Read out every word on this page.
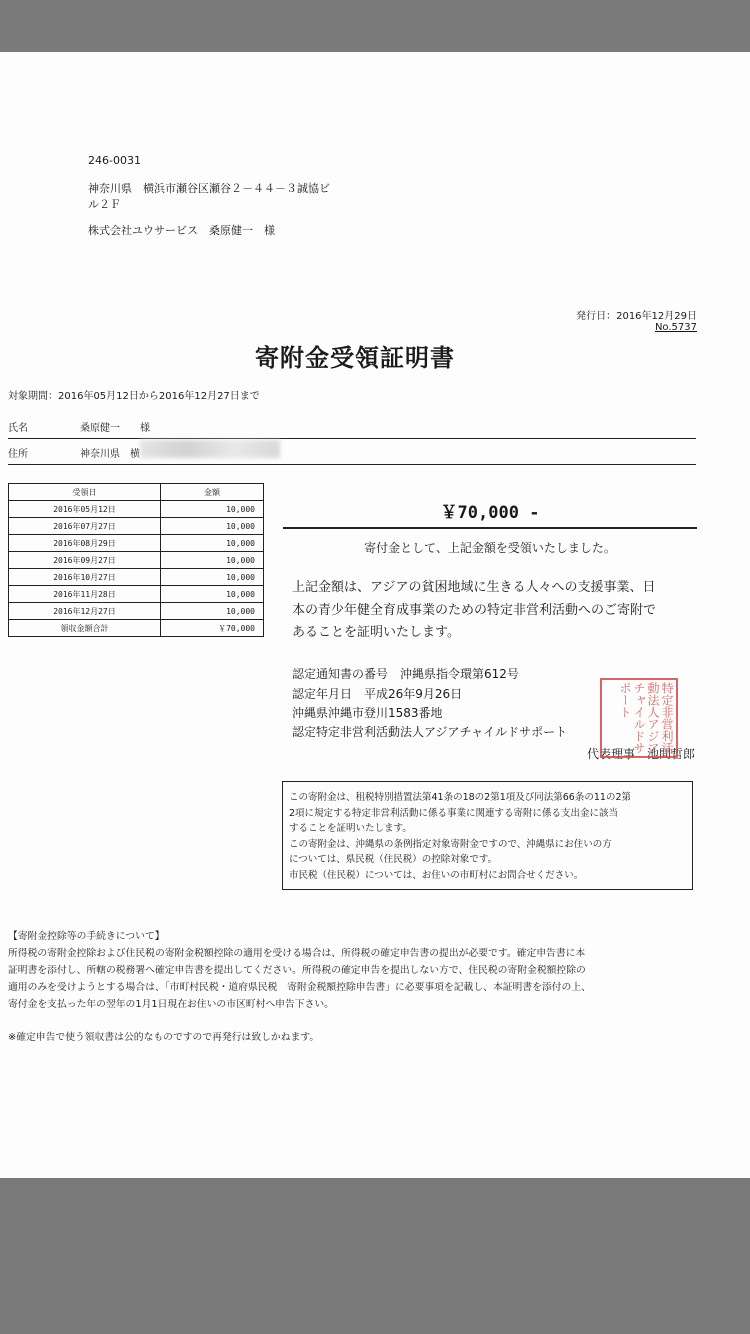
246-0031
神奈川県　横浜市瀬谷区瀬谷２－４４－３誠協ビ
ル２Ｆ
株式会社ユウサービス　桑原健一　様
発行日：2016年12月29日
No.5737
寄附金受領証明書
対象期間：2016年05月12日から2016年12月27日まで
氏名	桑原健一　　様
住所	神奈川県　横
受領日	金額
2016年05月12日	10,000
2016年07月27日	10,000
2016年08月29日	10,000
2016年09月27日	10,000
2016年10月27日	10,000
2016年11月28日	10,000
2016年12月27日	10,000
領収金額合計	￥70,000
￥70,000 -
寄付金として、上記金額を受領いたしました。
上記金額は、アジアの貧困地域に生きる人々への支援事業、日
本の青少年健全育成事業のための特定非営利活動へのご寄附で
あることを証明いたします。
認定通知書の番号　沖縄県指令環第612号
認定年月日　平成26年9月26日
沖縄県沖縄市登川1583番地
認定特定非営利活動法人アジアチャイルドサポート
代表理事　池間哲郎
特定非営利活動法人アジアチャイルドサポート
この寄附金は、租税特別措置法第41条の18の2第1項及び同法第66条の11の2第
2項に規定する特定非営利活動に係る事業に関連する寄附に係る支出金に該当
することを証明いたします。
この寄附金は、沖縄県の条例指定対象寄附金ですので、沖縄県にお住いの方
については、県民税（住民税）の控除対象です。
市民税（住民税）については、お住いの市町村にお問合せください。
【寄附金控除等の手続きについて】
所得税の寄附金控除および住民税の寄附金税額控除の適用を受ける場合は、所得税の確定申告書の提出が必要です。確定申告書に本
証明書を添付し、所轄の税務署へ確定申告書を提出してください。所得税の確定申告を提出しない方で、住民税の寄附金税額控除の
適用のみを受けようとする場合は、「市町村民税・道府県民税　寄附金税額控除申告書」に必要事項を記載し、本証明書を添付の上、
寄付金を支払った年の翌年の1月1日現在お住いの市区町村へ申告下さい。
※確定申告で使う領収書は公的なものですので再発行は致しかねます。
